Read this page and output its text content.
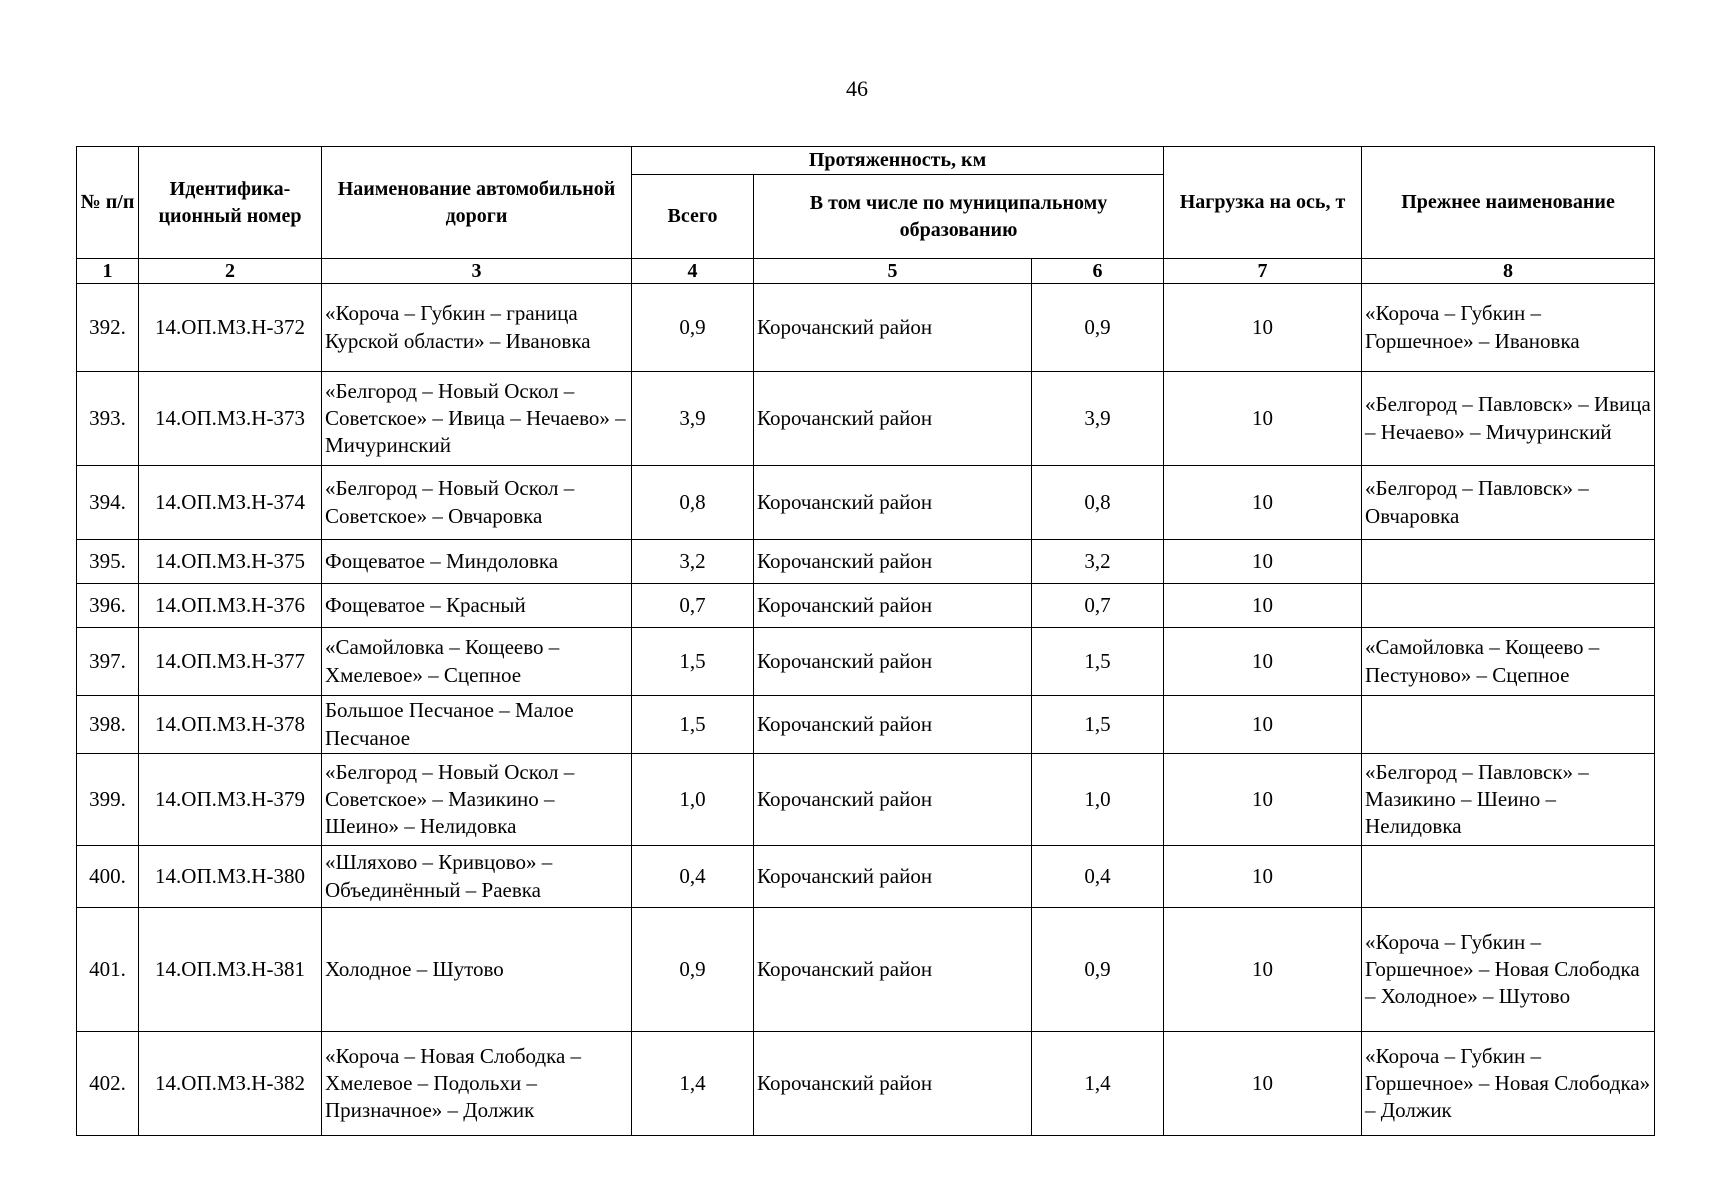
46
№ п/п	Идентифика-ционный номер	Наименование автомобильной дороги	Протяженность, км			Нагрузка на ось, т	Прежнее наименование
			Всего	В том числе по муниципальному образованию			
1	2	3	4	5	6	7	8
392.	14.ОП.МЗ.Н-372	«Короча – Губкин – граница Курской области» – Ивановка	0,9	Корочанский район	0,9	10	«Короча – Губкин – Горшечное» – Ивановка
393.	14.ОП.МЗ.Н-373	«Белгород – Новый Оскол – Советское» – Ивица – Нечаево» – Мичуринский	3,9	Корочанский район	3,9	10	«Белгород – Павловск» – Ивица – Нечаево» – Мичуринский
394.	14.ОП.МЗ.Н-374	«Белгород – Новый Оскол – Советское» – Овчаровка	0,8	Корочанский район	0,8	10	«Белгород – Павловск» – Овчаровка
395.	14.ОП.МЗ.Н-375	Фощеватое – Миндоловка	3,2	Корочанский район	3,2	10	
396.	14.ОП.МЗ.Н-376	Фощеватое – Красный	0,7	Корочанский район	0,7	10	
397.	14.ОП.МЗ.Н-377	«Самойловка – Кощеево – Хмелевое» – Сцепное	1,5	Корочанский район	1,5	10	«Самойловка – Кощеево – Пестуново» – Сцепное
398.	14.ОП.МЗ.Н-378	Большое Песчаное – Малое Песчаное	1,5	Корочанский район	1,5	10	
399.	14.ОП.МЗ.Н-379	«Белгород – Новый Оскол – Советское» – Мазикино – Шеино» – Нелидовка	1,0	Корочанский район	1,0	10	«Белгород – Павловск» – Мазикино – Шеино – Нелидовка
400.	14.ОП.МЗ.Н-380	«Шляхово – Кривцово» – Объединённый – Раевка	0,4	Корочанский район	0,4	10	
401.	14.ОП.МЗ.Н-381	Холодное – Шутово	0,9	Корочанский район	0,9	10	«Короча – Губкин – Горшечное» – Новая Слободка – Холодное» – Шутово
402.	14.ОП.МЗ.Н-382	«Короча – Новая Слободка – Хмелевое – Подольхи – Призначное» – Должик	1,4	Корочанский район	1,4	10	«Короча – Губкин – Горшечное» – Новая Слободка» – Должик
